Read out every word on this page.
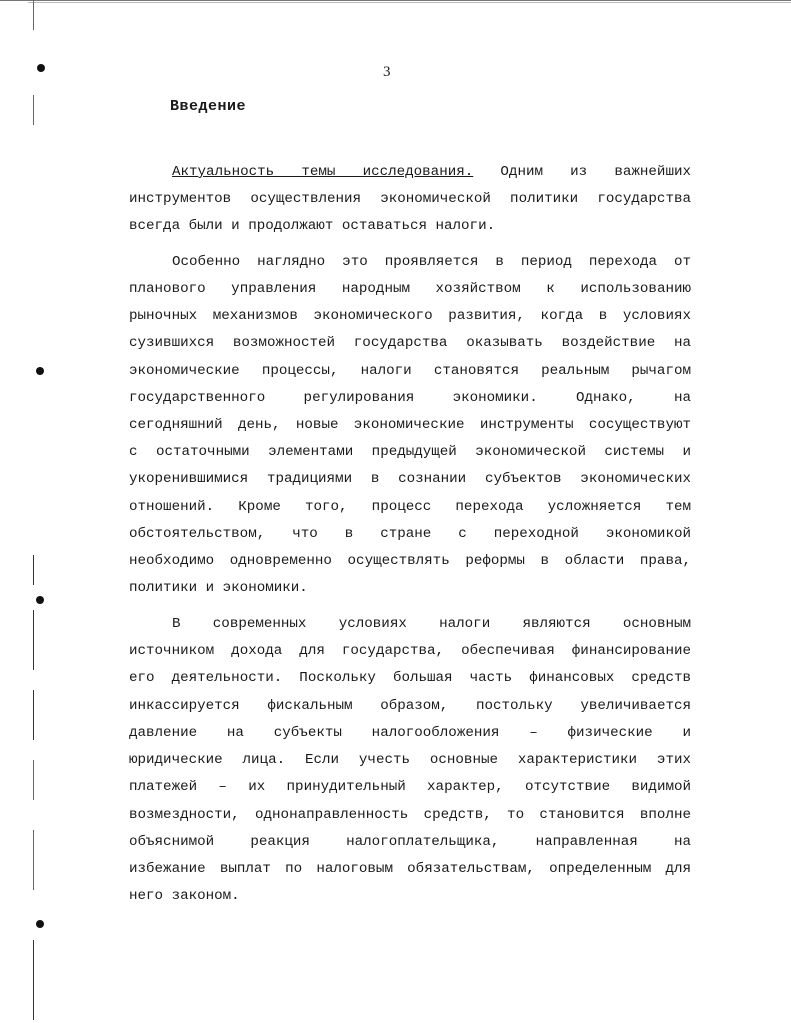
3
Введение
Актуальность темы исследования. Одним из важнейших
инструментов осуществления экономической политики государства
всегда были и продолжают оставаться налоги.
Особенно наглядно это проявляется в период перехода от
планового управления народным хозяйством к использованию
рыночных механизмов экономического развития, когда в условиях
сузившихся возможностей государства оказывать воздействие на
экономические процессы, налоги становятся реальным рычагом
государственного регулирования экономики. Однако, на
сегодняшний день, новые экономические инструменты сосуществуют
с остаточными элементами предыдущей экономической системы и
укоренившимися традициями в сознании субъектов экономических
отношений. Кроме того, процесс перехода усложняется тем
обстоятельством, что в стране с переходной экономикой
необходимо одновременно осуществлять реформы в области права,
политики и экономики.
В современных условиях налоги являются основным
источником дохода для государства, обеспечивая финансирование
его деятельности. Поскольку большая часть финансовых средств
инкассируется фискальным образом, постольку увеличивается
давление на субъекты налогообложения – физические и
юридические лица. Если учесть основные характеристики этих
платежей – их принудительный характер, отсутствие видимой
возмездности, однонаправленность средств, то становится вполне
объяснимой реакция налогоплательщика, направленная на
избежание выплат по налоговым обязательствам, определенным для
него законом.
